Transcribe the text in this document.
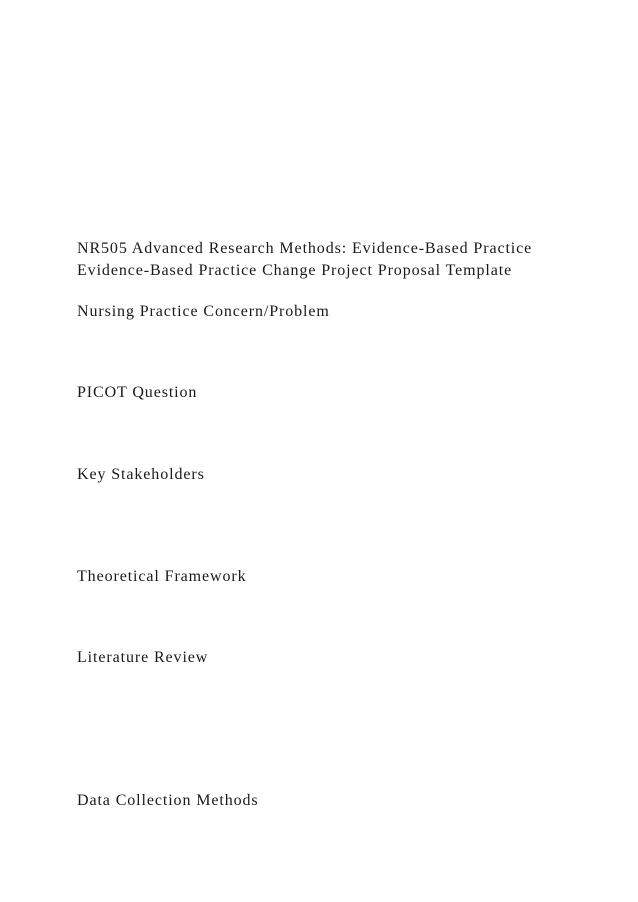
NR505 Advanced Research Methods: Evidence-Based Practice
Evidence-Based Practice Change Project Proposal Template
Nursing Practice Concern/Problem
PICOT Question
Key Stakeholders
Theoretical Framework
Literature Review
Data Collection Methods
